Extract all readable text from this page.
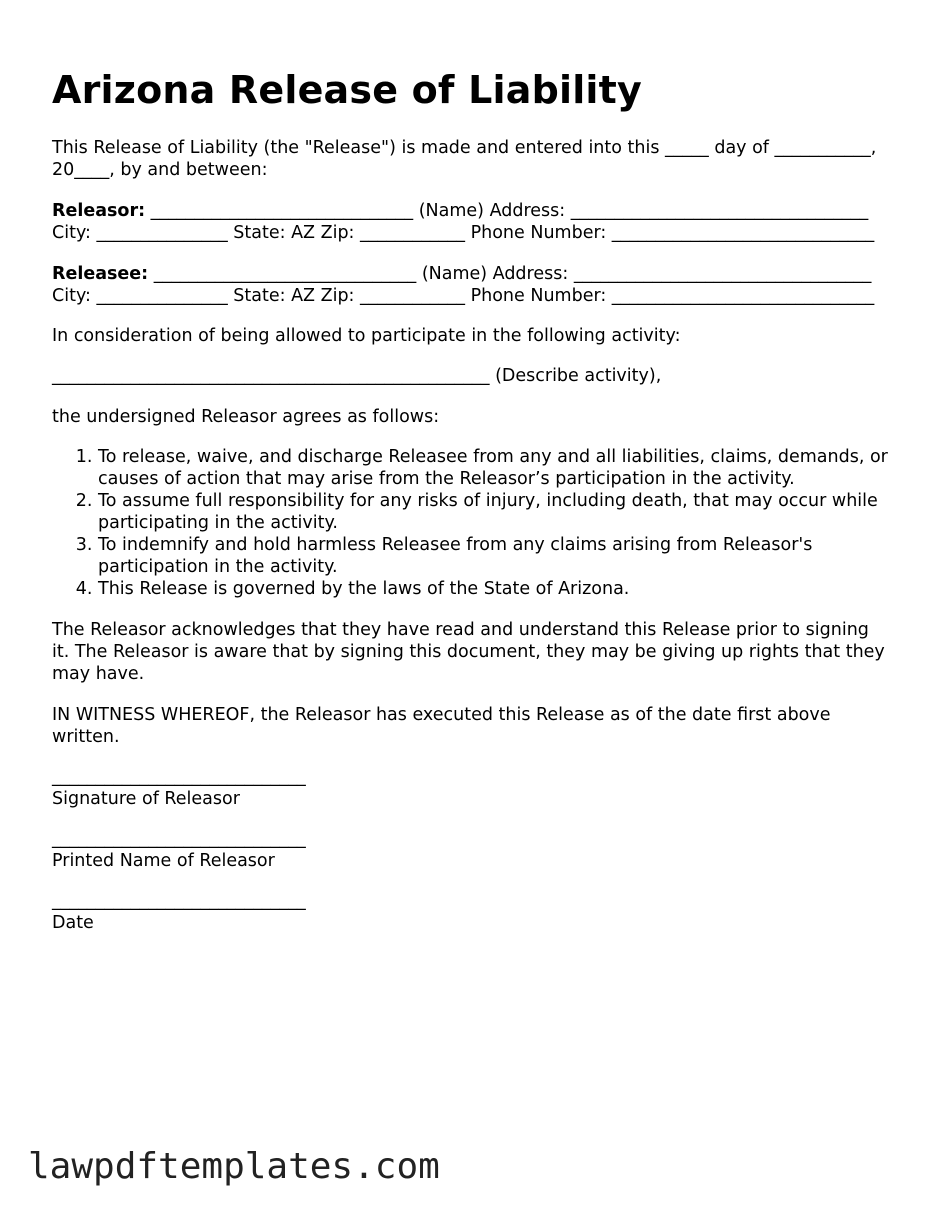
Arizona Release of Liability

This Release of Liability (the "Release") is made and entered into this _____ day of ___________, 20____, by and between:

Releasor: ______________________________ (Name) Address: __________________________________ City: _______________ State: AZ Zip: ____________ Phone Number: ______________________________

Releasee: ______________________________ (Name) Address: __________________________________ City: _______________ State: AZ Zip: ____________ Phone Number: ______________________________

In consideration of being allowed to participate in the following activity:

__________________________________________________ (Describe activity),

the undersigned Releasor agrees as follows:

1. To release, waive, and discharge Releasee from any and all liabilities, claims, demands, or causes of action that may arise from the Releasor’s participation in the activity.
2. To assume full responsibility for any risks of injury, including death, that may occur while participating in the activity.
3. To indemnify and hold harmless Releasee from any claims arising from Releasor's participation in the activity.
4. This Release is governed by the laws of the State of Arizona.

The Releasor acknowledges that they have read and understand this Release prior to signing it. The Releasor is aware that by signing this document, they may be giving up rights that they may have.

IN WITNESS WHEREOF, the Releasor has executed this Release as of the date first above written.

_____________________________
Signature of Releasor
_____________________________
Printed Name of Releasor
_____________________________
Date
lawpdftemplates.com
